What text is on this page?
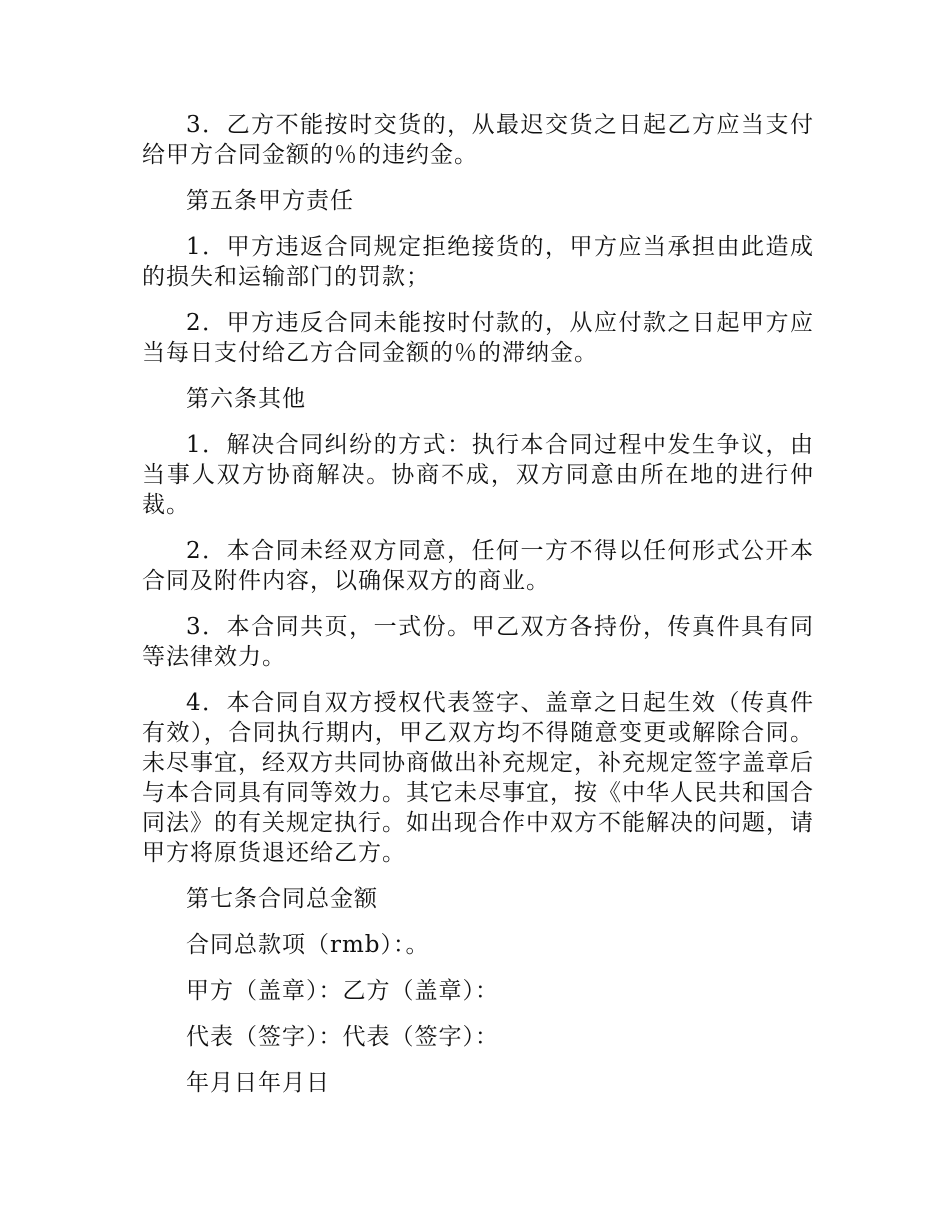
3．乙方不能按时交货的，从最迟交货之日起乙方应当支付给甲方合同金额的％的违约金。

第五条甲方责任

1．甲方违返合同规定拒绝接货的，甲方应当承担由此造成的损失和运输部门的罚款；

2．甲方违反合同未能按时付款的，从应付款之日起甲方应当每日支付给乙方合同金额的％的滞纳金。

第六条其他

1．解决合同纠纷的方式：执行本合同过程中发生争议，由当事人双方协商解决。协商不成，双方同意由所在地的进行仲裁。

2．本合同未经双方同意，任何一方不得以任何形式公开本合同及附件内容，以确保双方的商业。

3．本合同共页，一式份。甲乙双方各持份，传真件具有同等法律效力。

4．本合同自双方授权代表签字、盖章之日起生效（传真件有效），合同执行期内，甲乙双方均不得随意变更或解除合同。未尽事宜，经双方共同协商做出补充规定，补充规定签字盖章后与本合同具有同等效力。其它未尽事宜，按《中华人民共和国合同法》的有关规定执行。如出现合作中双方不能解决的问题，请甲方将原货退还给乙方。

第七条合同总金额

合同总款项（rmb）：。

甲方（盖章）：乙方（盖章）：

代表（签字）：代表（签字）：

年月日年月日
